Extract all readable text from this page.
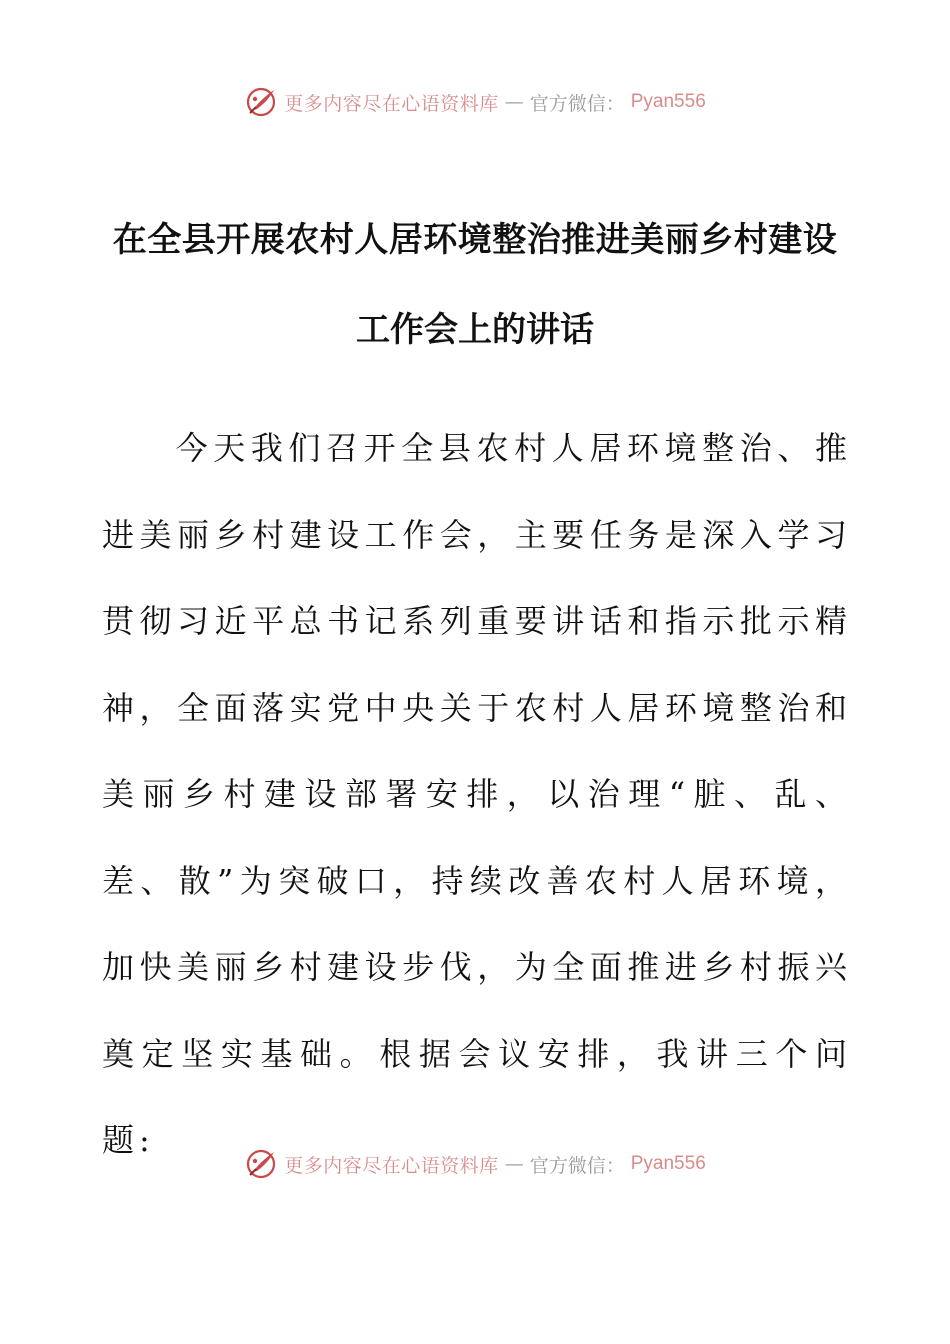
更多内容尽在心语资料库 — 官方微信： Pyan556
在全县开展农村人居环境整治推进美丽乡村建设
工作会上的讲话

今天我们召开全县农村人居环境整治、推进美丽乡村建设工作会，主要任务是深入学习贯彻习近平总书记系列重要讲话和指示批示精神，全面落实党中央关于农村人居环境整治和美丽乡村建设部署安排，以治理“脏、乱、差、散”为突破口，持续改善农村人居环境，加快美丽乡村建设步伐，为全面推进乡村振兴奠定坚实基础。根据会议安排，我讲三个问题:

更多内容尽在心语资料库 — 官方微信： Pyan556
